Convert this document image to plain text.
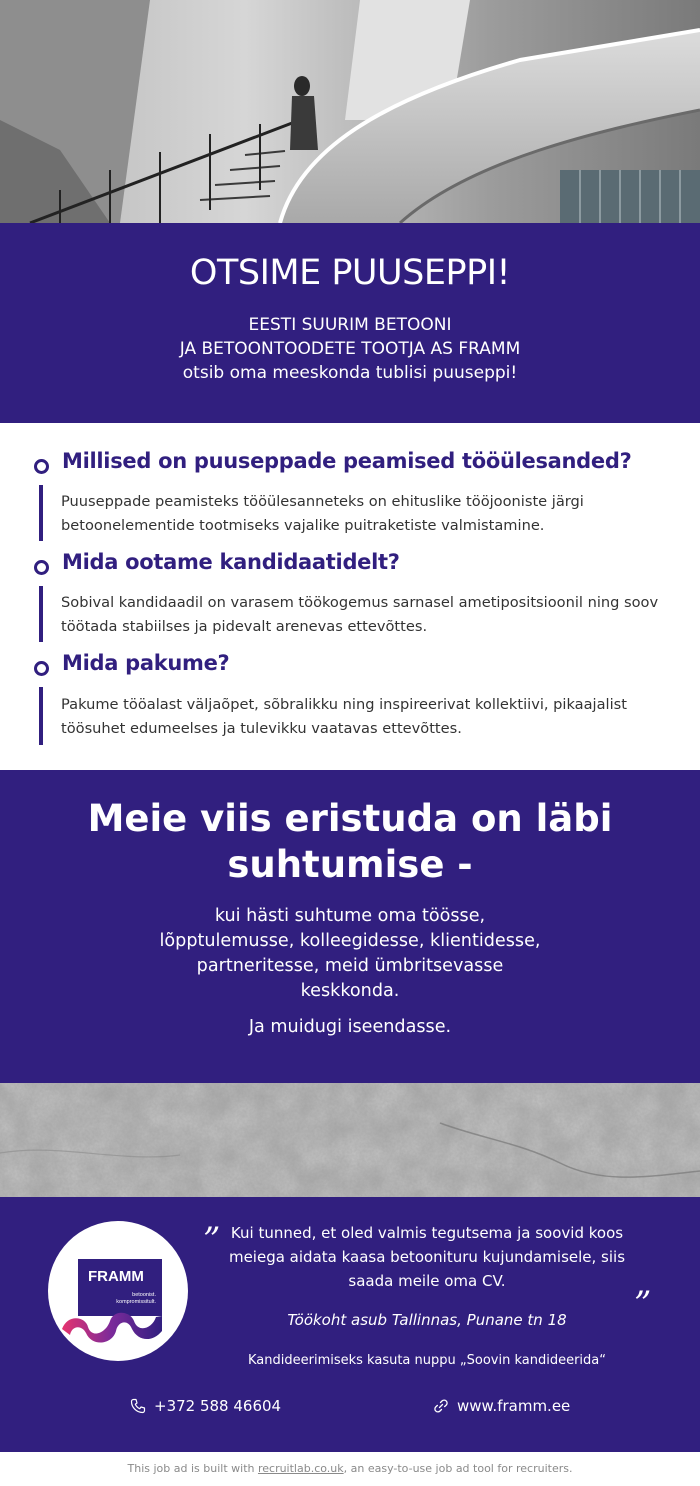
OTSIME PUUSEPPI!

EESTI SUURIM BETOONI
JA BETOONTOODETE TOOTJA AS FRAMM
otsib oma meeskonda tublisi puuseppi!

Millised on puuseppade peamised tööülesanded?

Puuseppade peamisteks tööülesanneteks on ehituslike tööjooniste järgi betoonelementide tootmiseks vajalike puitraketiste valmistamine.

Mida ootame kandidaatidelt?

Sobival kandidaadil on varasem töökogemus sarnasel ametipositsioonil ning soov töötada stabiilses ja pidevalt arenevas ettevõttes.

Mida pakume?

Pakume tööalast väljaõpet, sõbralikku ning inspireerivat kollektiivi, pikaajalist töösuhet edumeelses ja tulevikku vaatavas ettevõttes.

Meie viis eristuda on läbi
suhtumise -

kui hästi suhtume oma töösse,
lõpptulemusse, kolleegidesse, klientidesse,
partneritesse, meid ümbritsevasse
keskkonda.

Ja muidugi iseendasse.

FRAMM
betoonist.
kompromissitult.
” Kui tunned, et oled valmis tegutsema ja soovid koos
meiega aidata kaasa betoonituru kujundamisele, siis
saada meile oma CV.

”

Töökoht asub Tallinnas, Punane tn 18

Kandideerimiseks kasuta nuppu „Soovin kandideerida“

+372 588 46604	www.framm.ee
This job ad is built with recruitlab.co.uk, an easy-to-use job ad tool for recruiters.
